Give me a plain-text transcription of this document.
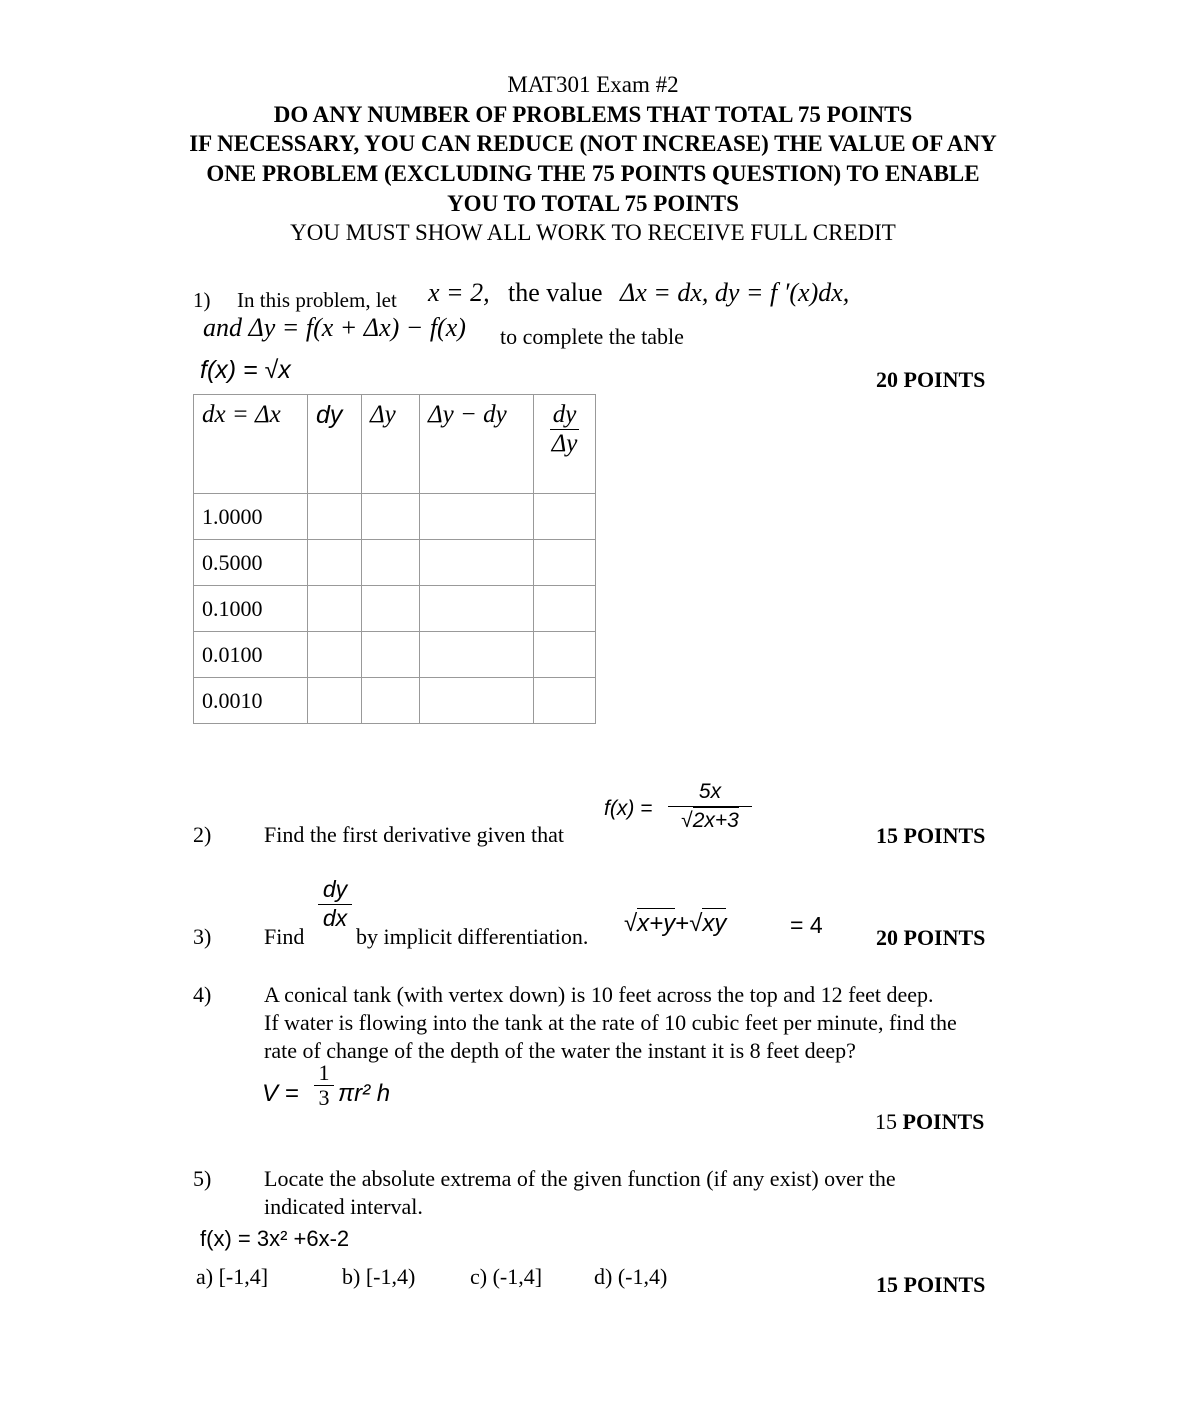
MAT301 Exam #2
DO ANY NUMBER OF PROBLEMS THAT TOTAL 75 POINTS
IF NECESSARY, YOU CAN REDUCE (NOT INCREASE) THE VALUE OF ANY
ONE PROBLEM (EXCLUDING THE 75 POINTS QUESTION) TO ENABLE
YOU TO TOTAL 75 POINTS
YOU MUST SHOW ALL WORK TO RECEIVE FULL CREDIT
1) In this problem, let x = 2, the value Δx = dx, dy = f ′(x)dx,
and Δy = f(x + Δx) − f(x) to complete the table
f(x) = √x	20 POINTS
dx = Δx	dy	Δy	Δy − dy	$\frac{dy}{\Delta y}$

1.0000				
0.5000				
0.1000				
0.0100				
0.0010				
2) Find the first derivative given that
$f(x) = \frac{5x}{√2x+3}$
15 POINTS
3) Find
$\frac{dy}{dx}$
by implicit differentiation. √x+y+√xy	= 4 20 POINTS
4) A conical tank (with vertex down) is 10 feet across the top and 12 feet deep.
If water is flowing into the tank at the rate of 10 cubic feet per minute, find the
rate of change of the depth of the water the instant it is 8 feet deep?
$V = \frac{1}{3} \pi r^2$ h
15 POINTS
5) Locate the absolute extrema of the given function (if any exist) over the
indicated interval.
f(x) = 3x² +6x-2
a) [-1,4]	b) [-1,4) c) (-1,4] d) (-1,4)	15 POINTS
